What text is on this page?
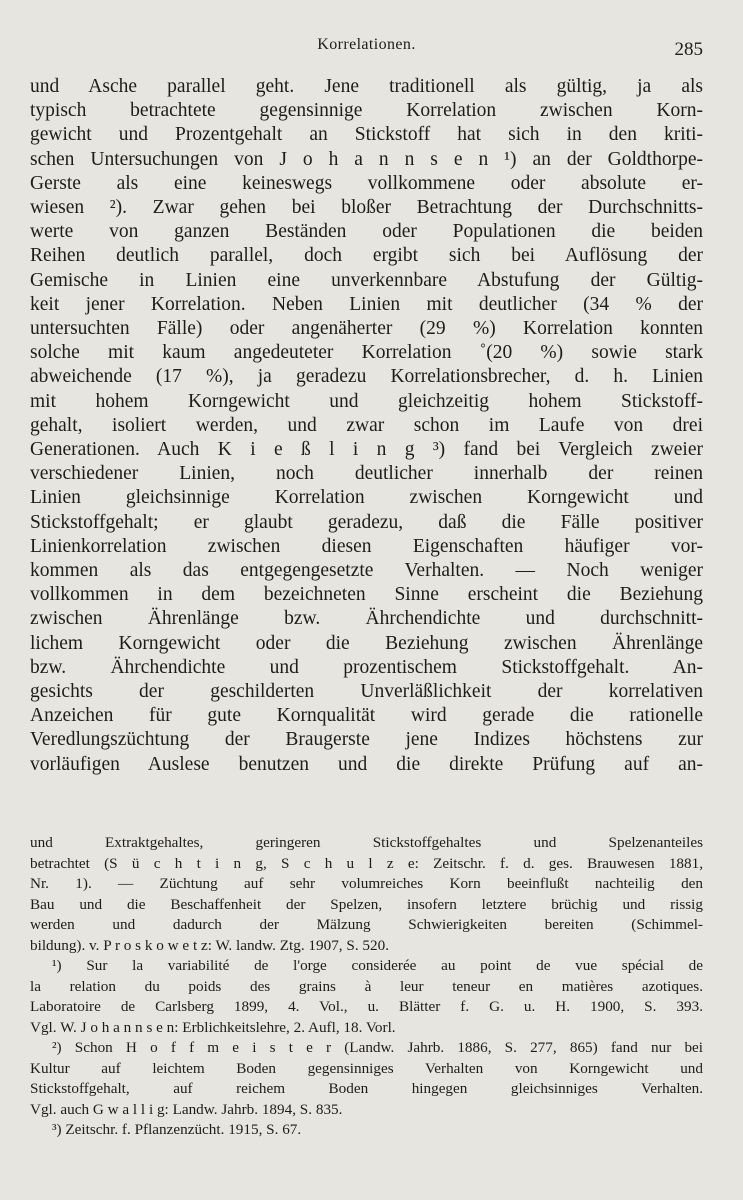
Korrelationen.	285
und Asche parallel geht. Jene traditionell als gültig, ja als
typisch betrachtete gegensinnige Korrelation zwischen Korn-
gewicht und Prozentgehalt an Stickstoff hat sich in den kriti-
schen Untersuchungen von J o h a n n s e n ¹) an der Goldthorpe-
Gerste als eine keineswegs vollkommene oder absolute er-
wiesen ²). Zwar gehen bei bloßer Betrachtung der Durchschnitts-
werte von ganzen Beständen oder Populationen die beiden
Reihen deutlich parallel, doch ergibt sich bei Auflösung der
Gemische in Linien eine unverkennbare Abstufung der Gültig-
keit jener Korrelation. Neben Linien mit deutlicher (34 % der
untersuchten Fälle) oder angenäherter (29 %) Korrelation konnten
solche mit kaum angedeuteter Korrelation ˚(20 %) sowie stark
abweichende (17 %), ja geradezu Korrelationsbrecher, d. h. Linien
mit hohem Korngewicht und gleichzeitig hohem Stickstoff-
gehalt, isoliert werden, und zwar schon im Laufe von drei
Generationen. Auch K i e ß l i n g ³) fand bei Vergleich zweier
verschiedener Linien, noch deutlicher innerhalb der reinen
Linien gleichsinnige Korrelation zwischen Korngewicht und
Stickstoffgehalt; er glaubt geradezu, daß die Fälle positiver
Linienkorrelation zwischen diesen Eigenschaften häufiger vor-
kommen als das entgegengesetzte Verhalten. — Noch weniger
vollkommen in dem bezeichneten Sinne erscheint die Beziehung
zwischen Ährenlänge bzw. Ährchendichte und durchschnitt-
lichem Korngewicht oder die Beziehung zwischen Ährenlänge
bzw. Ährchendichte und prozentischem Stickstoffgehalt. An-
gesichts der geschilderten Unverläßlichkeit der korrelativen
Anzeichen für gute Kornqualität wird gerade die rationelle
Veredlungszüchtung der Braugerste jene Indizes höchstens zur
vorläufigen Auslese benutzen und die direkte Prüfung auf an-
und Extraktgehaltes, geringeren Stickstoffgehaltes und Spelzenanteiles
betrachtet (S ü c h t i n g, S c h u l z e: Zeitschr. f. d. ges. Brauwesen 1881,
Nr. 1). — Züchtung auf sehr volumreiches Korn beeinflußt nachteilig den
Bau und die Beschaffenheit der Spelzen, insofern letztere brüchig und rissig
werden und dadurch der Mälzung Schwierigkeiten bereiten (Schimmel-
bildung). v. P r o s k o w e t z: W. landw. Ztg. 1907, S. 520.
¹) Sur la variabilité de l'orge considerée au point de vue spécial de
la relation du poids des grains à leur teneur en matières azotiques.
Laboratoire de Carlsberg 1899, 4. Vol., u. Blätter f. G. u. H. 1900, S. 393.
Vgl. W. J o h a n n s e n: Erblichkeitslehre, 2. Aufl, 18. Vorl.
²) Schon H o f f m e i s t e r (Landw. Jahrb. 1886, S. 277, 865) fand nur bei
Kultur auf leichtem Boden gegensinniges Verhalten von Korngewicht und
Stickstoffgehalt, auf reichem Boden hingegen gleichsinniges Verhalten.
Vgl. auch G w a l l i g: Landw. Jahrb. 1894, S. 835.
³) Zeitschr. f. Pflanzenzücht. 1915, S. 67.
